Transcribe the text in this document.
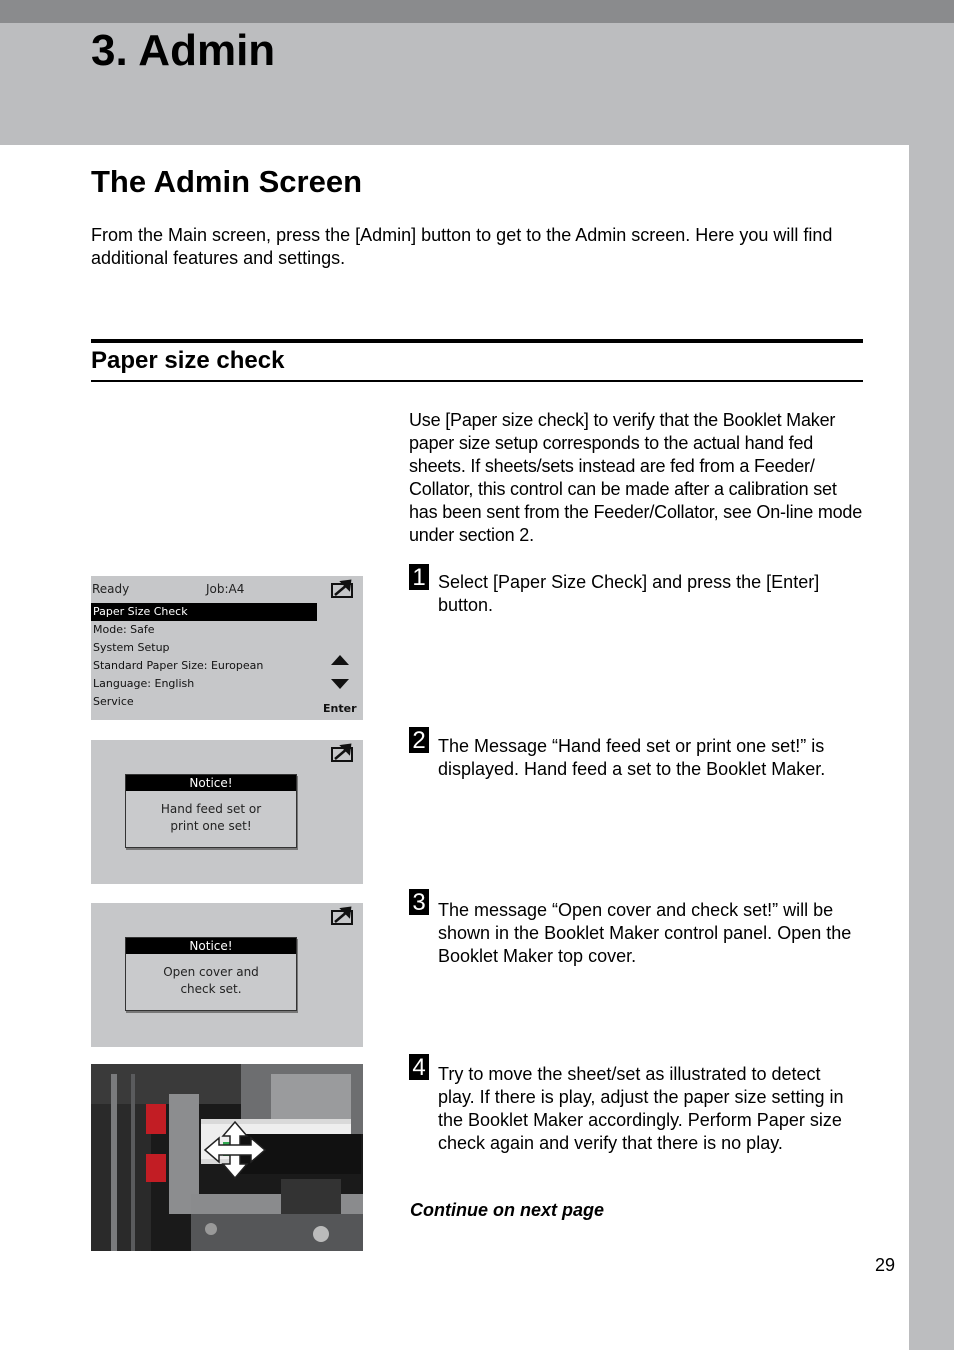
3. Admin
The Admin Screen

From the Main screen, press the [Admin] button to get to the Admin screen. Here you will find additional features and settings.

Paper size check

Use [Paper size check] to verify that the Booklet Maker paper size setup corresponds to the actual hand fed sheets. If sheets/sets instead are fed from a Feeder/ Collator, this control can be made after a calibration set has been sent from the Feeder/Collator, see On-line mode under section 2.

1 Select [Paper Size Check] and press the [Enter] button.

2 The Message “Hand feed set or print one set!” is displayed. Hand feed a set to the Booklet Maker.

3 The message “Open cover and check set!” will be shown in the Booklet Maker control panel. Open the Booklet Maker top cover.

4 Try to move the sheet/set as illustrated to detect play. If there is play, adjust the paper size setting in the Booklet Maker accordingly. Perform Paper size check again and verify that there is no play.

Ready	Job:A4
Paper Size Check
Mode: Safe
System Setup
Standard Paper Size: European
Language: English
Service
Enter
Notice!
Hand feed set or
print one set!
Notice!
Open cover and
check set.

Continue on next page

29
